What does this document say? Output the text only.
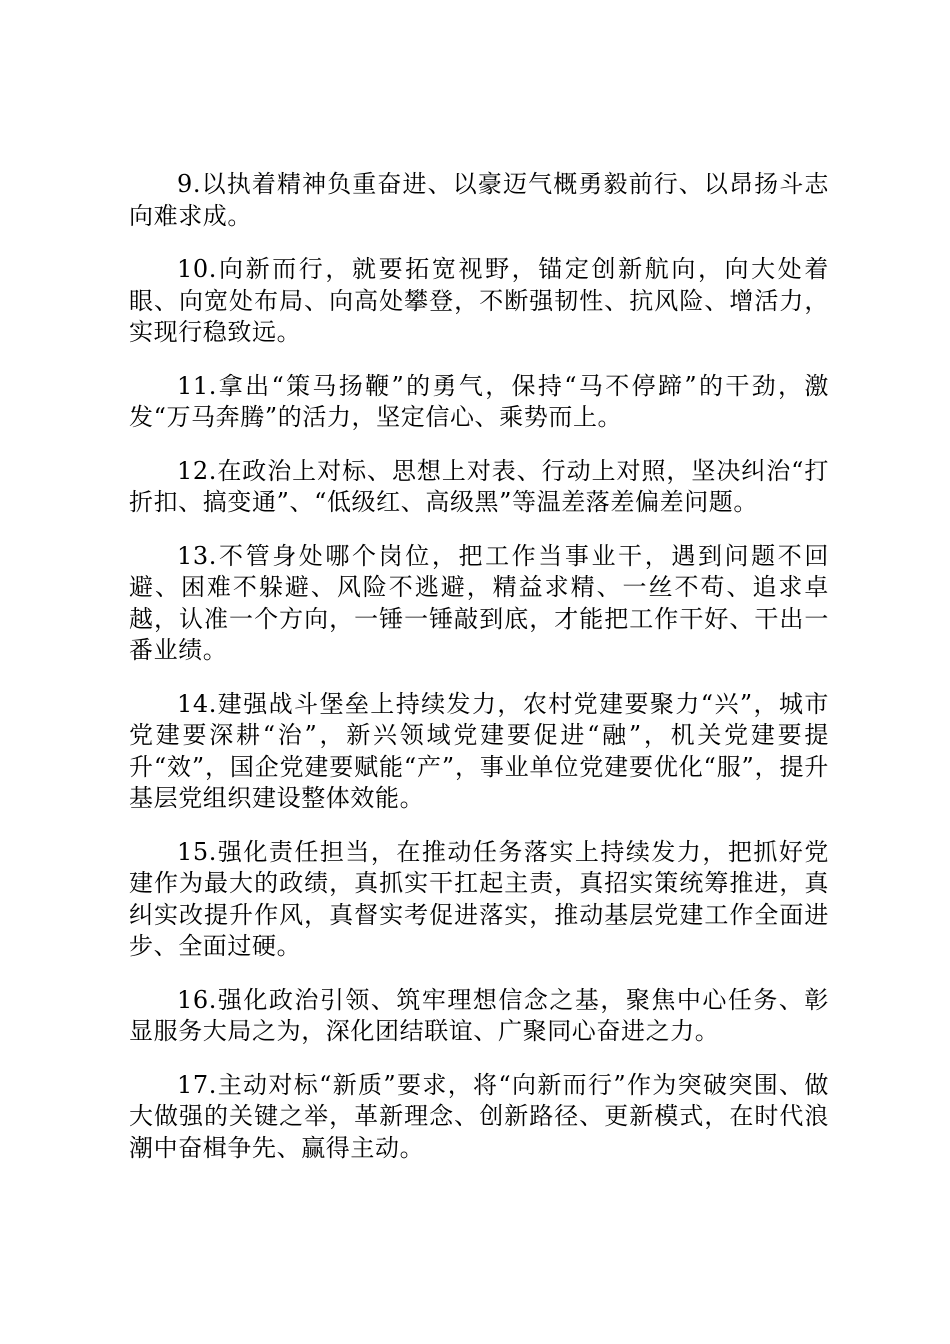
9.以执着精神负重奋进、以豪迈气概勇毅前行、以昂扬斗志向难求成。

10.向新而行，就要拓宽视野，锚定创新航向，向大处着眼、向宽处布局、向高处攀登，不断强韧性、抗风险、增活力，实现行稳致远。

11.拿出“策马扬鞭”的勇气，保持“马不停蹄”的干劲，激发“万马奔腾”的活力，坚定信心、乘势而上。

12.在政治上对标、思想上对表、行动上对照，坚决纠治“打折扣、搞变通”、“低级红、高级黑”等温差落差偏差问题。

13.不管身处哪个岗位，把工作当事业干，遇到问题不回避、困难不躲避、风险不逃避，精益求精、一丝不苟、追求卓越，认准一个方向，一锤一锤敲到底，才能把工作干好、干出一番业绩。

14.建强战斗堡垒上持续发力，农村党建要聚力“兴”，城市党建要深耕“治”，新兴领域党建要促进“融”，机关党建要提升“效”，国企党建要赋能“产”，事业单位党建要优化“服”，提升基层党组织建设整体效能。

15.强化责任担当，在推动任务落实上持续发力，把抓好党建作为最大的政绩，真抓实干扛起主责，真招实策统筹推进，真纠实改提升作风，真督实考促进落实，推动基层党建工作全面进步、全面过硬。

16.强化政治引领、筑牢理想信念之基，聚焦中心任务、彰显服务大局之为，深化团结联谊、广聚同心奋进之力。

17.主动对标“新质”要求，将“向新而行”作为突破突围、做大做强的关键之举，革新理念、创新路径、更新模式，在时代浪潮中奋楫争先、赢得主动。
